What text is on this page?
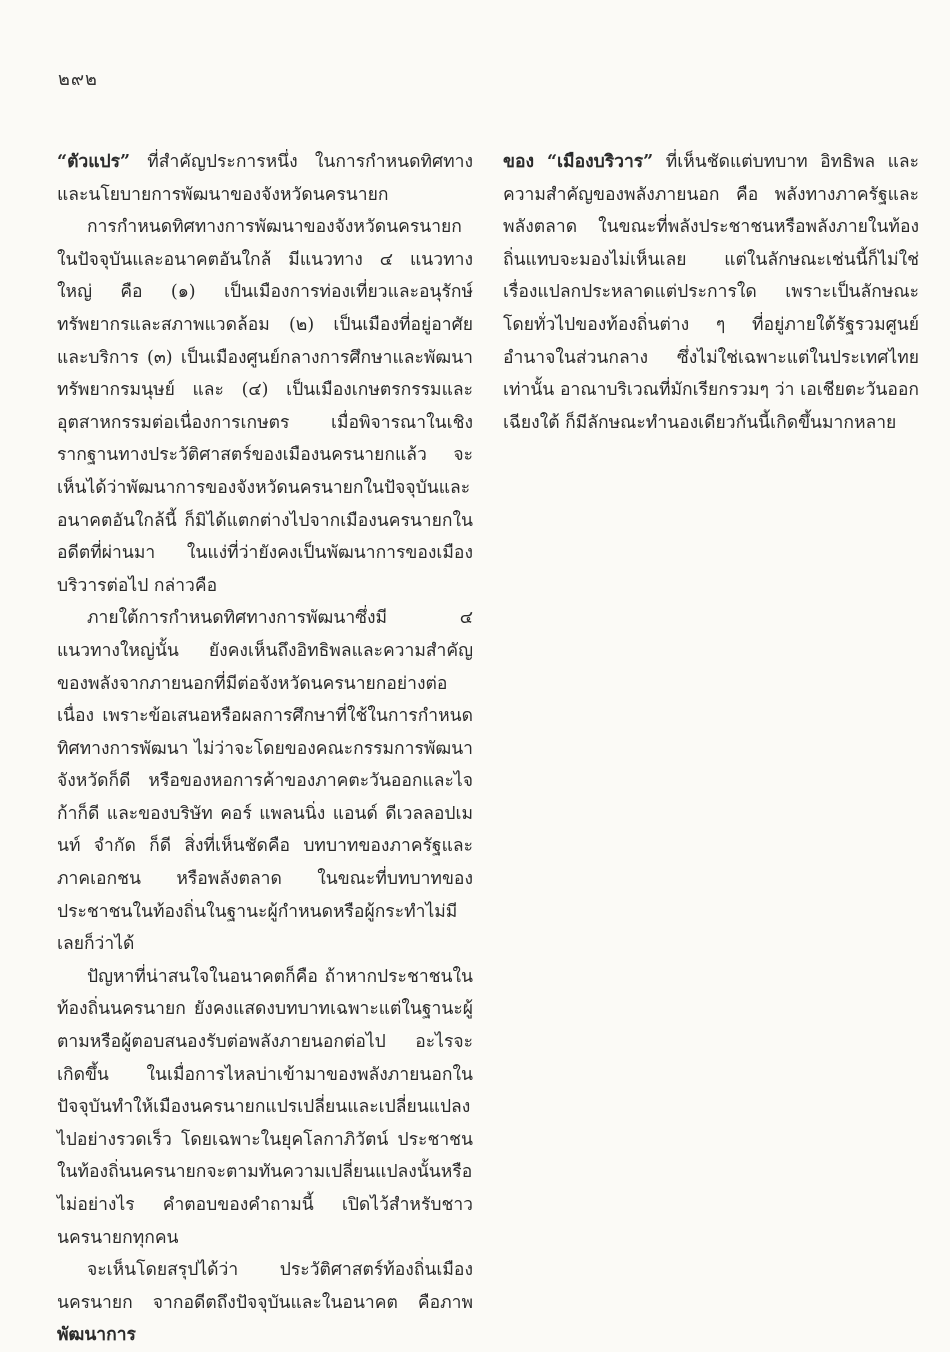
๒๙๒

“ตัวแปร” ที่สำคัญประการหนึ่ง ในการกำหนดทิศทางและนโยบายการพัฒนาของจังหวัดนครนายก

การกำหนดทิศทางการพัฒนาของจังหวัดนครนายกในปัจจุบันและอนาคตอันใกล้ มีแนวทาง ๔ แนวทางใหญ่ คือ (๑) เป็นเมืองการท่องเที่ยวและอนุรักษ์ทรัพยากรและสภาพแวดล้อม (๒) เป็นเมืองที่อยู่อาศัยและบริการ (๓) เป็นเมืองศูนย์กลางการศึกษาและพัฒนาทรัพยากรมนุษย์ และ (๔) เป็นเมืองเกษตรกรรมและอุตสาหกรรมต่อเนื่องการเกษตร เมื่อพิจารณาในเชิงรากฐานทางประวัติศาสตร์ของเมืองนครนายกแล้ว จะเห็นได้ว่าพัฒนาการของจังหวัดนครนายกในปัจจุบันและอนาคตอันใกล้นี้ ก็มิได้แตกต่างไปจากเมืองนครนายกในอดีตที่ผ่านมา ในแง่ที่ว่ายังคงเป็นพัฒนาการของเมืองบริวารต่อไป กล่าวคือ

ภายใต้การกำหนดทิศทางการพัฒนาซึ่งมี ๔ แนวทางใหญ่นั้น ยังคงเห็นถึงอิทธิพลและความสำคัญ ของพลังจากภายนอกที่มีต่อจังหวัดนครนายกอย่างต่อเนื่อง เพราะข้อเสนอหรือผลการศึกษาที่ใช้ในการกำหนดทิศทางการพัฒนา ไม่ว่าจะโดยของคณะกรรมการพัฒนาจังหวัดก็ดี หรือของหอการค้าของภาคตะวันออกและไจก้าก็ดี และของบริษัท คอร์ แพลนนิ่ง แอนด์ ดีเวลลอปเมนท์ จำกัด ก็ดี สิ่งที่เห็นชัดคือ บทบาทของภาครัฐและภาคเอกชน หรือพลังตลาด ในขณะที่บทบาทของประชาชนในท้องถิ่นในฐานะผู้กำหนดหรือผู้กระทำไม่มีเลยก็ว่าได้

ปัญหาที่น่าสนใจในอนาคตก็คือ ถ้าหากประชาชนในท้องถิ่นนครนายก ยังคงแสดงบทบาทเฉพาะแต่ในฐานะผู้ตามหรือผู้ตอบสนองรับต่อพลังภายนอกต่อไป อะไรจะเกิดขึ้น ในเมื่อการไหลบ่าเข้ามาของพลังภายนอกในปัจจุบันทำให้เมืองนครนายกแปรเปลี่ยนและเปลี่ยนแปลงไปอย่างรวดเร็ว โดยเฉพาะในยุคโลกาภิวัตน์ ประชาชนในท้องถิ่นนครนายกจะตามทันความเปลี่ยนแปลงนั้นหรือไม่อย่างไร คำตอบของคำถามนี้ เปิดไว้สำหรับชาวนครนายกทุกคน

จะเห็นโดยสรุปได้ว่า ประวัติศาสตร์ท้องถิ่นเมืองนครนายก จากอดีตถึงปัจจุบันและในอนาคต คือภาพพัฒนาการ

ของ “เมืองบริวาร” ที่เห็นชัดแต่บทบาท อิทธิพล และความสำคัญของพลังภายนอก คือ พลังทางภาครัฐและพลังตลาด ในขณะที่พลังประชาชนหรือพลังภายในท้องถิ่นแทบจะมองไม่เห็นเลย แต่ในลักษณะเช่นนี้ก็ไม่ใช่เรื่องแปลกประหลาดแต่ประการใด เพราะเป็นลักษณะโดยทั่วไปของท้องถิ่นต่าง ๆ ที่อยู่ภายใต้รัฐรวมศูนย์อำนาจในส่วนกลาง ซึ่งไม่ใช่เฉพาะแต่ในประเทศไทยเท่านั้น อาณาบริเวณที่มักเรียกรวมๆ ว่า เอเชียตะวันออกเฉียงใต้ ก็มีลักษณะทำนองเดียวกันนี้เกิดขึ้นมากหลาย
